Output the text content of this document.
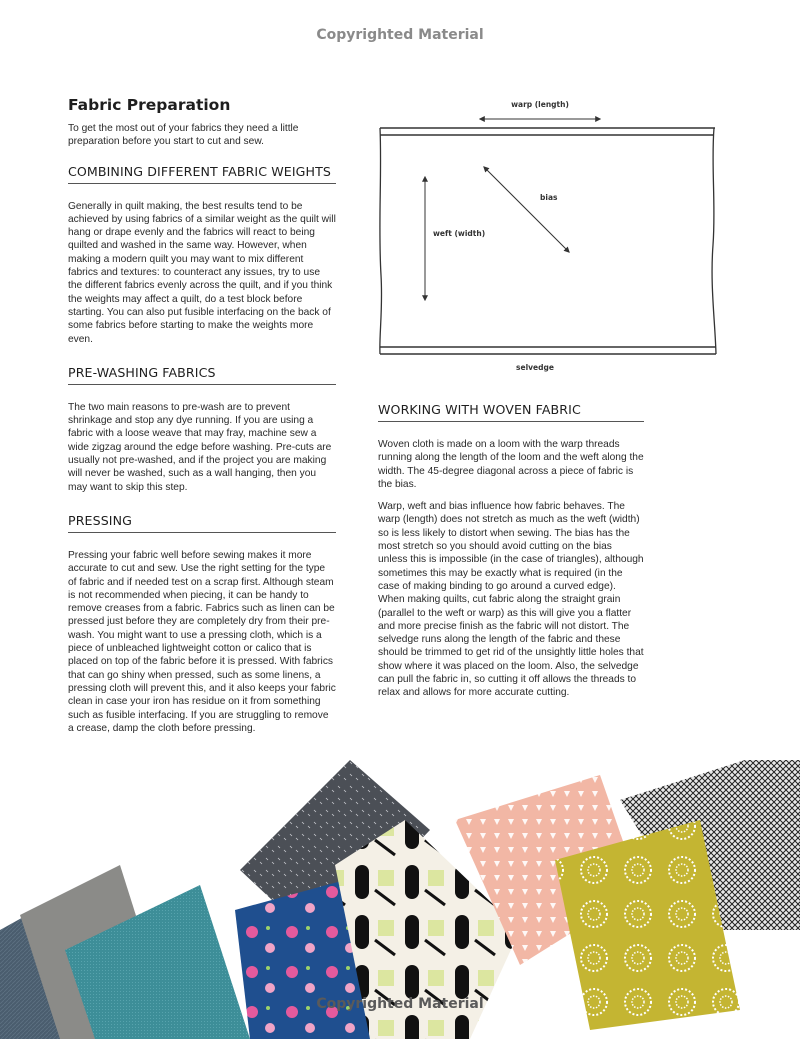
Copyrighted Material
Fabric Preparation

To get the most out of your fabrics they need a little preparation before you start to cut and sew.

COMBINING DIFFERENT FABRIC WEIGHTS

Generally in quilt making, the best results tend to be achieved by using fabrics of a similar weight as the quilt will hang or drape evenly and the fabrics will react to being quilted and washed in the same way. However, when making a modern quilt you may want to mix different fabrics and textures: to counteract any issues, try to use the different fabrics evenly across the quilt, and if you think the weights may affect a quilt, do a test block before starting. You can also put fusible interfacing on the back of some fabrics before starting to make the weights more even.

PRE-WASHING FABRICS

The two main reasons to pre-wash are to prevent shrinkage and stop any dye running. If you are using a fabric with a loose weave that may fray, machine sew a wide zigzag around the edge before washing. Pre-cuts are usually not pre-washed, and if the project you are making will never be washed, such as a wall hanging, then you may want to skip this step.

PRESSING

Pressing your fabric well before sewing makes it more accurate to cut and sew. Use the right setting for the type of fabric and if needed test on a scrap first. Although steam is not recommended when piecing, it can be handy to remove creases from a fabric. Fabrics such as linen can be pressed just before they are completely dry from their pre-wash. You might want to use a pressing cloth, which is a piece of unbleached lightweight cotton or calico that is placed on top of the fabric before it is pressed. With fabrics that can go shiny when pressed, such as some linens, a pressing cloth will prevent this, and it also keeps your fabric clean in case your iron has residue on it from something such as fusible interfacing. If you are struggling to remove a crease, damp the cloth before pressing.

warp (length)
weft (width)
bias
selvedge
WORKING WITH WOVEN FABRIC

Woven cloth is made on a loom with the warp threads running along the length of the loom and the weft along the width. The 45-degree diagonal across a piece of fabric is the bias.

Warp, weft and bias influence how fabric behaves. The warp (length) does not stretch as much as the weft (width) so is less likely to distort when sewing. The bias has the most stretch so you should avoid cutting on the bias unless this is impossible (in the case of triangles), although sometimes this may be exactly what is required (in the case of making binding to go around a curved edge). When making quilts, cut fabric along the straight grain (parallel to the weft or warp) as this will give you a flatter and more precise finish as the fabric will not distort. The selvedge runs along the length of the fabric and these should be trimmed to get rid of the unsightly little holes that show where it was placed on the loom. Also, the selvedge can pull the fabric in, so cutting it off allows the threads to relax and allows for more accurate cutting.

Copyrighted Material
